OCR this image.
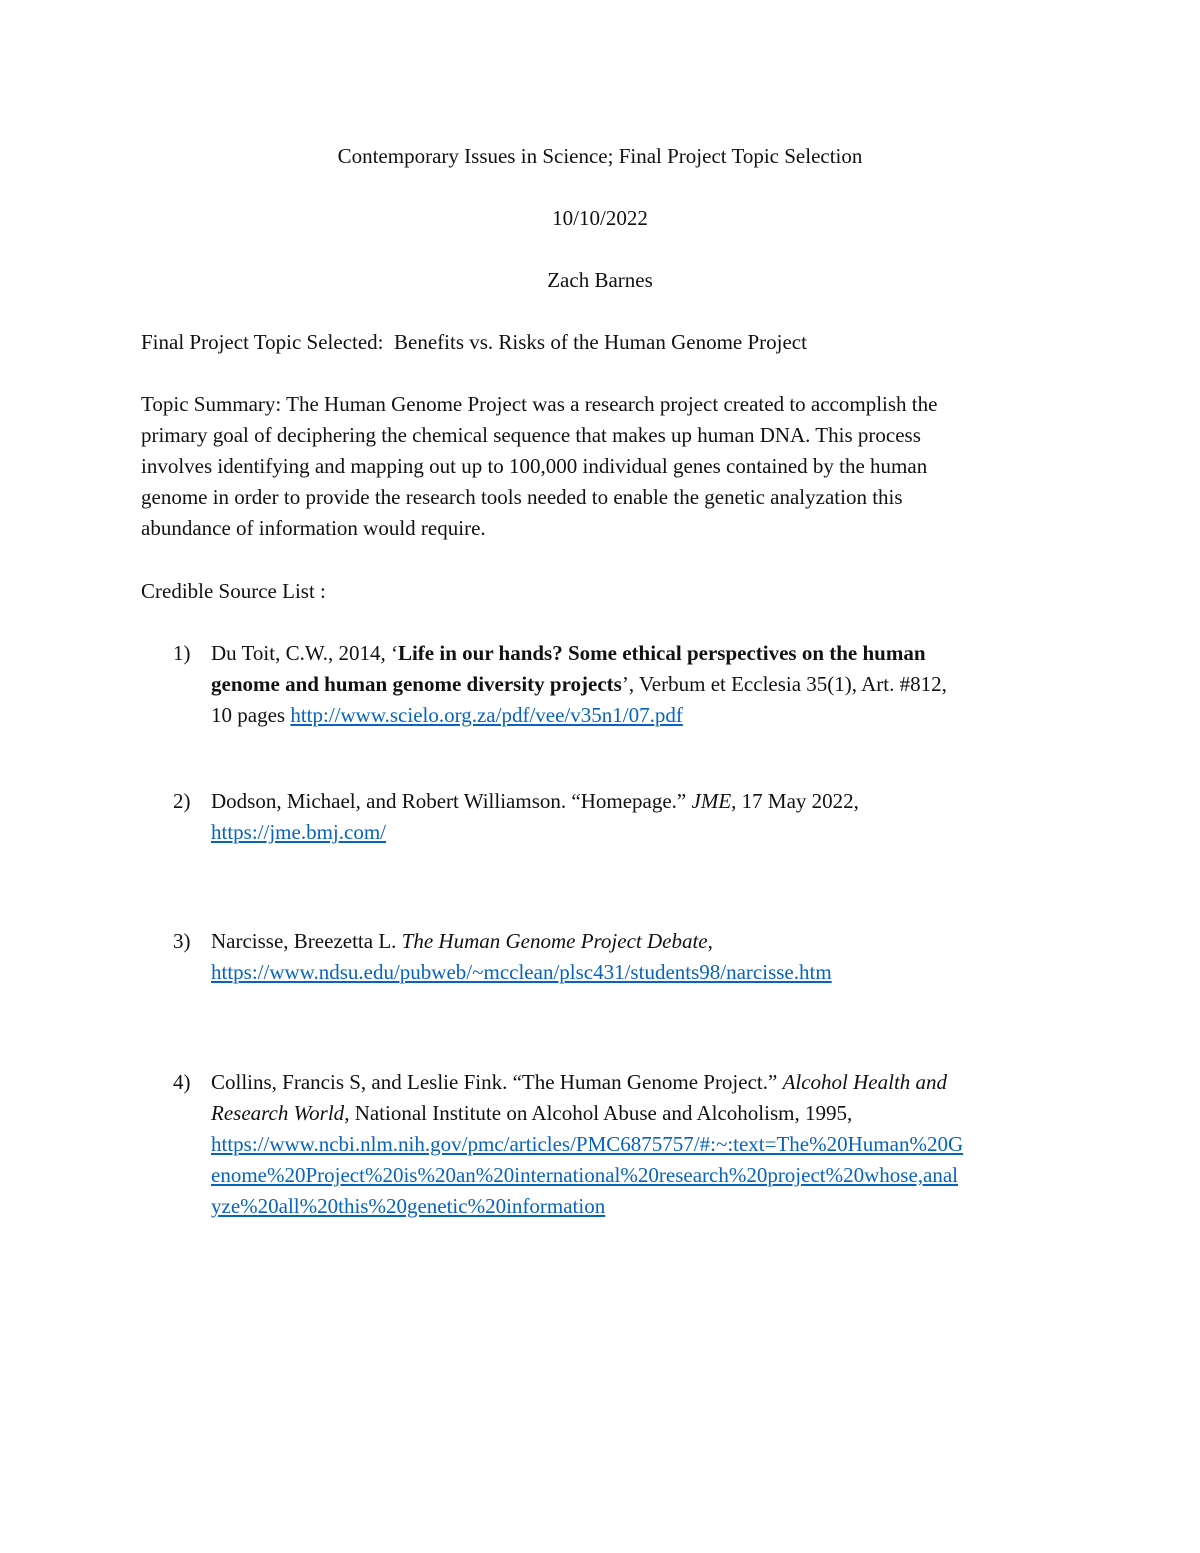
Contemporary Issues in Science; Final Project Topic Selection
10/10/2022
Zach Barnes
Final Project Topic Selected: Benefits vs. Risks of the Human Genome Project
Topic Summary: The Human Genome Project was a research project created to accomplish the
primary goal of deciphering the chemical sequence that makes up human DNA. This process
involves identifying and mapping out up to 100,000 individual genes contained by the human
genome in order to provide the research tools needed to enable the genetic analyzation this
abundance of information would require.
Credible Source List :
1) Du Toit, C.W., 2014, ‘Life in our hands? Some ethical perspectives on the human
genome and human genome diversity projects’, Verbum et Ecclesia 35(1), Art. #812,
10 pages http://www.scielo.org.za/pdf/vee/v35n1/07.pdf
2) Dodson, Michael, and Robert Williamson. “Homepage.” JME, 17 May 2022,
https://jme.bmj.com/
3) Narcisse, Breezetta L. The Human Genome Project Debate,
https://www.ndsu.edu/pubweb/~mcclean/plsc431/students98/narcisse.htm
4) Collins, Francis S, and Leslie Fink. “The Human Genome Project.” Alcohol Health and
Research World, National Institute on Alcohol Abuse and Alcoholism, 1995,
https://www.ncbi.nlm.nih.gov/pmc/articles/PMC6875757/#:~:text=The%20Human%20G
enome%20Project%20is%20an%20international%20research%20project%20whose,anal
yze%20all%20this%20genetic%20information
